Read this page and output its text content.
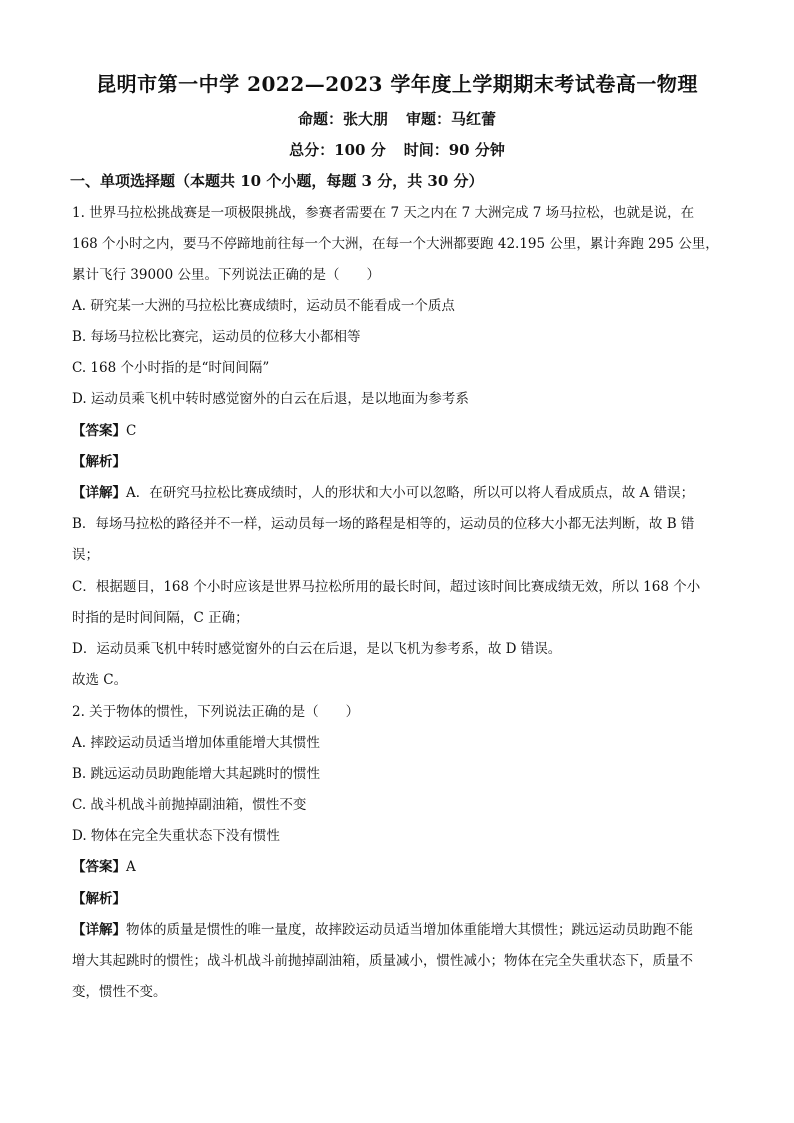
昆明市第一中学 2022—2023 学年度上学期期末考试卷高一物理
命题：张大朋 审题：马红蕾
总分：100 分 时间：90 分钟
一、单项选择题（本题共 10 个小题，每题 3 分，共 30 分）
1. 世界马拉松挑战赛是一项极限挑战，参赛者需要在 7 天之内在 7 大洲完成 7 场马拉松，也就是说，在
168 个小时之内，要马不停蹄地前往每一个大洲，在每一个大洲都要跑 42.195 公里，累计奔跑 295 公里，
累计飞行 39000 公里。下列说法正确的是（　　）
A. 研究某一大洲的马拉松比赛成绩时，运动员不能看成一个质点
B. 每场马拉松比赛完，运动员的位移大小都相等
C. 168 个小时指的是“时间间隔”
D. 运动员乘飞机中转时感觉窗外的白云在后退，是以地面为参考系
【答案】C
【解析】
【详解】A．在研究马拉松比赛成绩时，人的形状和大小可以忽略，所以可以将人看成质点，故 A 错误；
B．每场马拉松的路径并不一样，运动员每一场的路程是相等的，运动员的位移大小都无法判断，故 B 错
误；
C．根据题目，168 个小时应该是世界马拉松所用的最长时间，超过该时间比赛成绩无效，所以 168 个小
时指的是时间间隔，C 正确；
D．运动员乘飞机中转时感觉窗外的白云在后退，是以飞机为参考系，故 D 错误。
故选 C。
2. 关于物体的惯性，下列说法正确的是（　　）
A. 摔跤运动员适当增加体重能增大其惯性
B. 跳远运动员助跑能增大其起跳时的惯性
C. 战斗机战斗前抛掉副油箱，惯性不变
D. 物体在完全失重状态下没有惯性
【答案】A
【解析】
【详解】物体的质量是惯性的唯一量度，故摔跤运动员适当增加体重能增大其惯性；跳远运动员助跑不能
增大其起跳时的惯性；战斗机战斗前抛掉副油箱，质量减小，惯性减小；物体在完全失重状态下，质量不
变，惯性不变。
